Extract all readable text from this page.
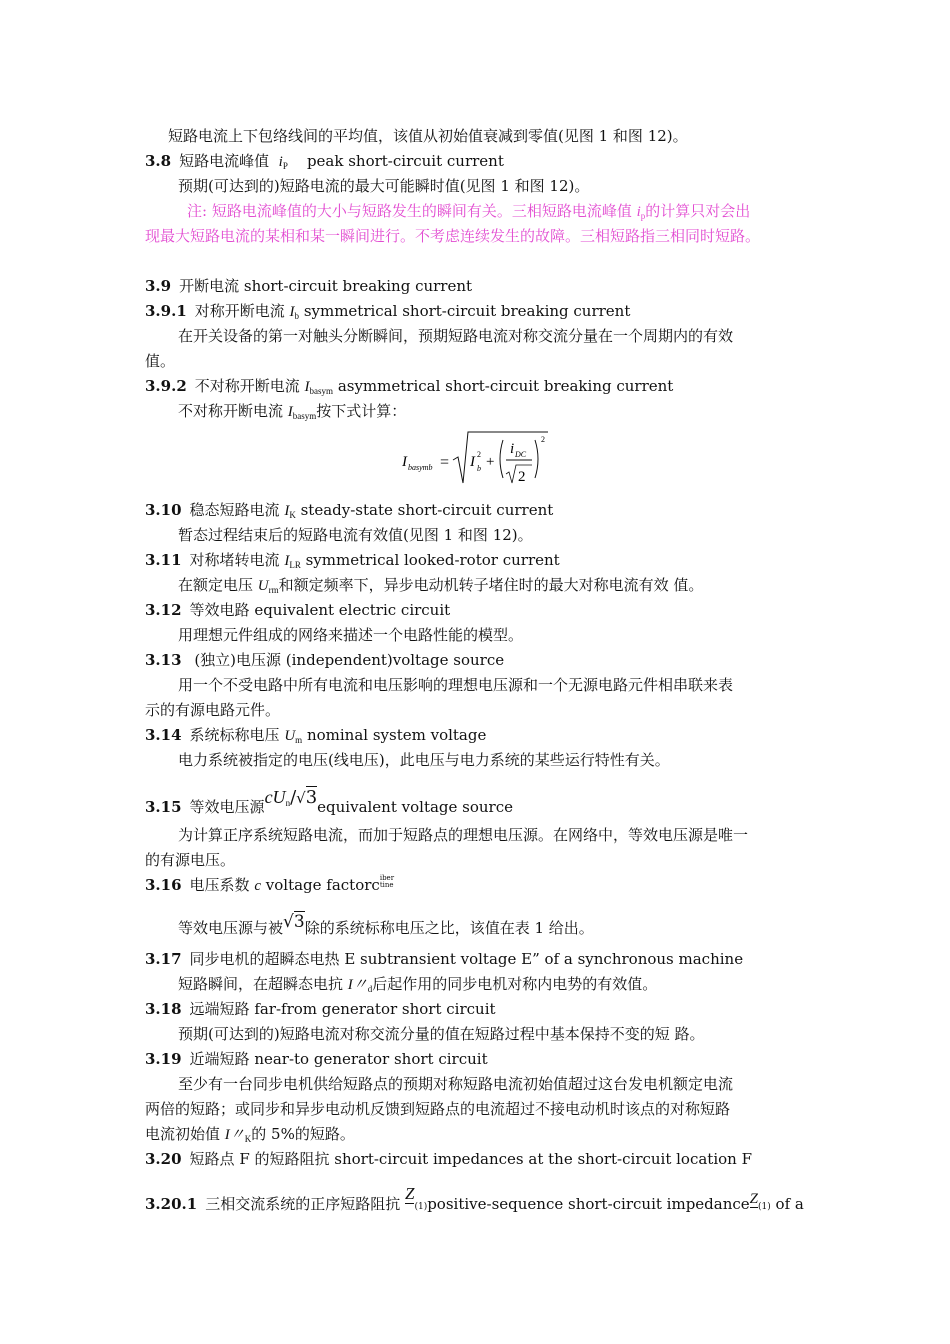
短路电流上下包络线间的平均值，该值从初始值衰减到零值(见图 1 和图 12)。
3.8 短路电流峰值 $i_P$ peak short-circuit current
预期(可达到的)短路电流的最大可能瞬时值(见图 1 和图 12)。
注: 短路电流峰值的大小与短路发生的瞬间有关。三相短路电流峰值 $i_p$的计算只对会出
现最大短路电流的某相和某一瞬间进行。不考虑连续发生的故障。三相短路指三相同时短路。
3.9 开断电流 short-circuit breaking current
3.9.1 对称开断电流 $I_b$ symmetrical short-circuit breaking current
在开关设备的第一对触头分断瞬间，预期短路电流对称交流分量在一个周期内的有效
值。
3.9.2 不对称开断电流 $I_{basym}$ asymmetrical short-circuit breaking current
不对称开断电流 $I_{basym}$按下式计算：
I basymb = I 2
b +
i DC
2
2
3.10 稳态短路电流 $I_K$ steady-state short-circuit current
暂态过程结束后的短路电流有效值(见图 1 和图 12)。
3.11 对称堵转电流 $I_{LR}$ symmetrical looked-rotor current
在额定电压 $U_{rm}$和额定频率下，异步电动机转子堵住时的最大对称电流有效 值。
3.12 等效电路 equivalent electric circuit
用理想元件组成的网络来描述一个电路性能的模型。
3.13 (独立)电压源 (independent)voltage source
用一个不受电路中所有电流和电压影响的理想电压源和一个无源电路元件相串联来表
示的有源电路元件。
3.14 系统标称电压 $U_m$ nominal system voltage
电力系统被指定的电压(线电压)，此电压与电力系统的某些运行特性有关。
3.15 等效电压源$cU_n/√3equivalent$ voltage source
为计算正序系统短路电流，而加于短路点的理想电压源。在网络中，等效电压源是唯一
的有源电压。
3.16 电压系数 c voltage factorciber
tine
等效电压源与被√3除的系统标称电压之比，该值在表 1 给出。
3.17 同步电机的超瞬态电热 E subtransient voltage E” of a synchronous machine
短路瞬间，在超瞬态电抗 I〃$_d$后起作用的同步电机对称内电势的有效值。
3.18 远端短路 far-from generator short circuit
预期(可达到的)短路电流对称交流分量的值在短路过程中基本保持不变的短 路。
3.19 近端短路 near-to generator short circuit
至少有一台同步电机供给短路点的预期对称短路电流初始值超过这台发电机额定电流
两倍的短路；或同步和异步电动机反馈到短路点的电流超过不接电动机时该点的对称短路
电流初始值 I〃$_K$的 5%的短路。
3.20 短路点 F 的短路阻抗 short-circuit impedances at the short-circuit location F
3.20.1 三相交流系统的正序短路阻抗 Z(1)positive-sequence short-circuit impedanceZ(1) of a
